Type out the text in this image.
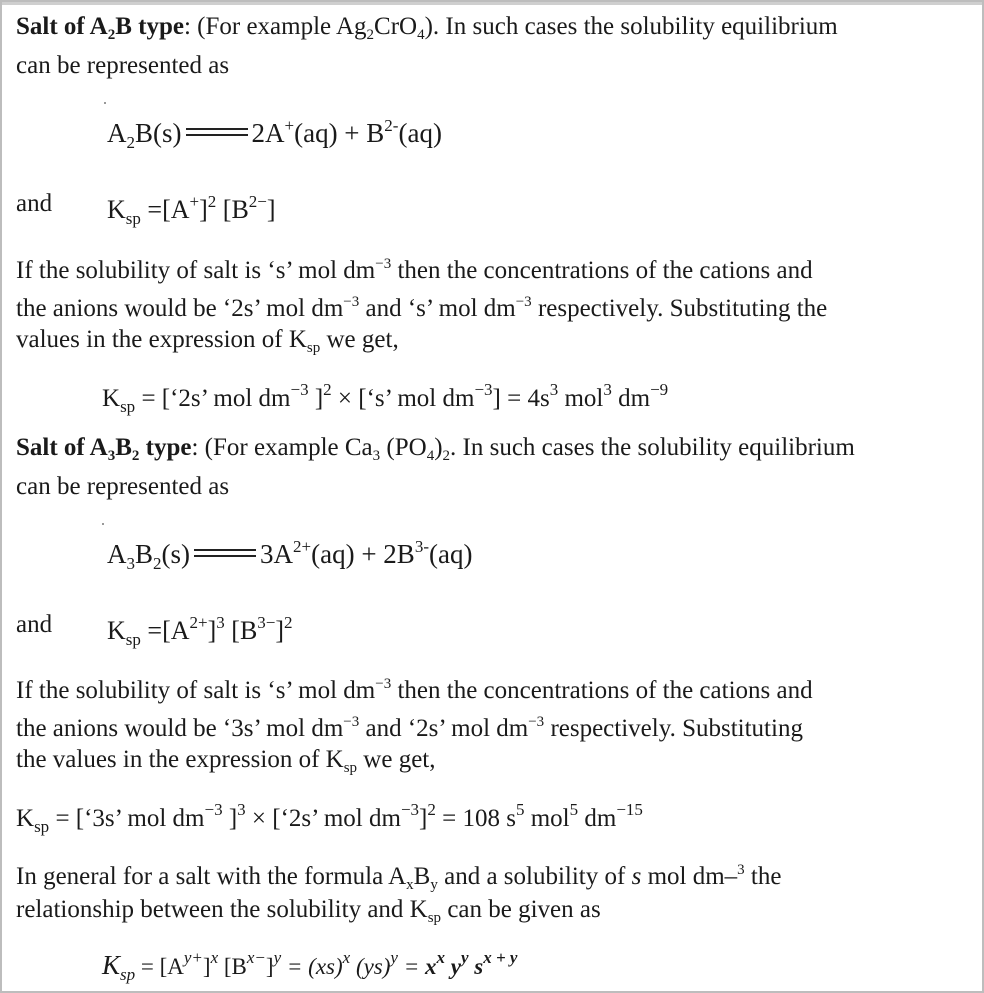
Salt of $A_2B$ type: (For example $Ag_2CrO_4$). In such cases the solubility equilibrium
can be represented as
$A_2B(s)$	$2A^+(aq) + B^{2-}(aq)$
and $K_{sp} =[A^+]^2$ $[B^{2-}]$
If the solubility of salt is ‘s’ mol $dm^{-3}$ then the concentrations of the cations and
the anions would be ‘2s’ mol $dm^{-3}$ and ‘s’ mol $dm^{-3}$ respectively. Substituting the
values in the expression of $K_{sp}$ we get,
$K_{sp}$ = [‘2s’ mol $dm^{-3}$ ]$^2$ × [‘s’ mol $dm^{-3}] = 4s^3$ mol$^3$ $dm^{-9}$
Salt of $A_3B_2$ type: (For example $Ca_3$ $(PO_4)_2$. In such cases the solubility equilibrium
can be represented as
$A_3B_2(s)$	$3A^{2+}(aq) + 2B^{3-}(aq)$
and $K_{sp} =[A^{2+}]^3$ $[B^{3-}]^2$
If the solubility of salt is ‘s’ mol $dm^{-3}$ then the concentrations of the cations and
the anions would be ‘3s’ mol $dm^{-3}$ and ‘2s’ mol $dm^{-3}$ respectively. Substituting
the values in the expression of $K_{sp}$ we get,
$K_{sp}$ = [‘3s’ mol $dm^{-3}$ ]$^3$ × [‘2s’ mol $dm^{-3}]^2 = 108$ $s^5$ mol$^5$ $dm^{-15}$
In general for a salt with the formula $A_xB_y$ and a solubility of s mol dm–$^3$ the
relationship between the solubility and $K_{sp}$ can be given as
$K_{sp} = [A^{y+}]^x$ $[B^{x-}]^y = (xs)^x$ $(ys)^y = x^x$ $y^y$ $s^{x + y}$
